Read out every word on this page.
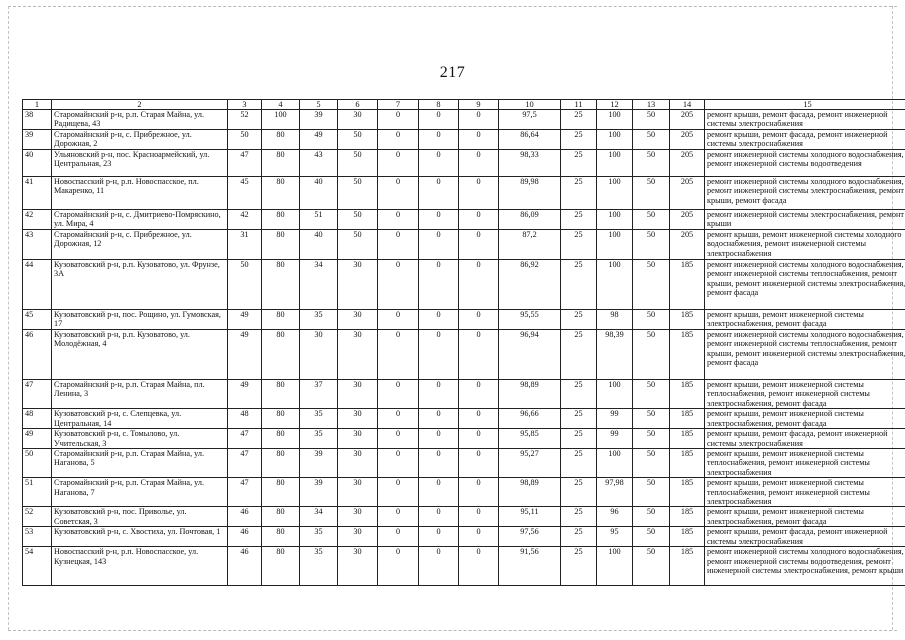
217
1	2	3	4	5	6	7	8	9	10	11	12	13	14	15
38	Старомайнский р-н, р.п. Старая Майна, ул. Радищева, 43	52	100	39	30	0	0	0	97,5	25	100	50	205	ремонт крыши, ремонт фасада, ремонт инженерной системы электроснабжения
39	Старомайнский р-н, с. Прибрежное, ул. Дорожная, 2	50	80	49	50	0	0	0	86,64	25	100	50	205	ремонт крыши, ремонт фасада, ремонт инженерной системы электроснабжения
40	Ульяновский р-н, пос. Красноармейский, ул. Центральная, 23	47	80	43	50	0	0	0	98,33	25	100	50	205	ремонт инженерной системы холодного водоснабжения, ремонт инженерной системы водоотведения
41	Новоспасский р-н, р.п. Новоспасское, пл. Макаренко, 11	45	80	40	50	0	0	0	89,98	25	100	50	205	ремонт инженерной системы холодного водоснабжения, ремонт инженерной системы электроснабжения, ремонт крыши, ремонт фасада
42	Старомайнский р-н, с. Дмитриево-Помряскино, ул. Мира, 4	42	80	51	50	0	0	0	86,09	25	100	50	205	ремонт инженерной системы электроснабжения, ремонт крыши
43	Старомайнский р-н, с. Прибрежное, ул. Дорожная, 12	31	80	40	50	0	0	0	87,2	25	100	50	205	ремонт крыши, ремонт инженерной системы холодного водоснабжения, ремонт инженерной системы электроснабжения
44	Кузоватовский р-н, р.п. Кузоватово, ул. Фрунзе, 3А	50	80	34	30	0	0	0	86,92	25	100	50	185	ремонт инженерной системы холодного водоснабжения, ремонт инженерной системы теплоснабжения, ремонт крыши, ремонт инженерной системы электроснабжения, ремонт фасада
45	Кузоватовский р-н, пос. Рощино, ул. Гумовская, 17	49	80	35	30	0	0	0	95,55	25	98	50	185	ремонт крыши, ремонт инженерной системы электроснабжения, ремонт фасада
46	Кузоватовский р-н, р.п. Кузоватово, ул. Молодёжная, 4	49	80	30	30	0	0	0	96,94	25	98,39	50	185	ремонт инженерной системы холодного водоснабжения, ремонт инженерной системы теплоснабжения, ремонт крыши, ремонт инженерной системы электроснабжения, ремонт фасада
47	Старомайнский р-н, р.п. Старая Майна, пл. Ленина, 3	49	80	37	30	0	0	0	98,89	25	100	50	185	ремонт крыши, ремонт инженерной системы теплоснабжения, ремонт инженерной системы электроснабжения, ремонт фасада
48	Кузоватовский р-н, с. Слепцевка, ул. Центральная, 14	48	80	35	30	0	0	0	96,66	25	99	50	185	ремонт крыши, ремонт инженерной системы электроснабжения, ремонт фасада
49	Кузоватовский р-н, с. Томылово, ул. Учительская, 3	47	80	35	30	0	0	0	95,85	25	99	50	185	ремонт крыши, ремонт фасада, ремонт инженерной системы электроснабжения
50	Старомайнский р-н, р.п. Старая Майна, ул. Наганова, 5	47	80	39	30	0	0	0	95,27	25	100	50	185	ремонт крыши, ремонт инженерной системы теплоснабжения, ремонт инженерной системы электроснабжения
51	Старомайнский р-н, р.п. Старая Майна, ул. Наганова, 7	47	80	39	30	0	0	0	98,89	25	97,98	50	185	ремонт крыши, ремонт инженерной системы теплоснабжения, ремонт инженерной системы электроснабжения
52	Кузоватовский р-н, пос. Приволье, ул. Советская, 3	46	80	34	30	0	0	0	95,11	25	96	50	185	ремонт крыши, ремонт инженерной системы электроснабжения, ремонт фасада
53	Кузоватовский р-н, с. Хвостиха, ул. Почтовая, 1	46	80	35	30	0	0	0	97,56	25	95	50	185	ремонт крыши, ремонт фасада, ремонт инженерной системы электроснабжения
54	Новоспасский р-н, р.п. Новоспасское, ул. Кузнецкая, 143	46	80	35	30	0	0	0	91,56	25	100	50	185	ремонт инженерной системы холодного водоснабжения, ремонт инженерной системы водоотведения, ремонт инженерной системы электроснабжения, ремонт крыши
